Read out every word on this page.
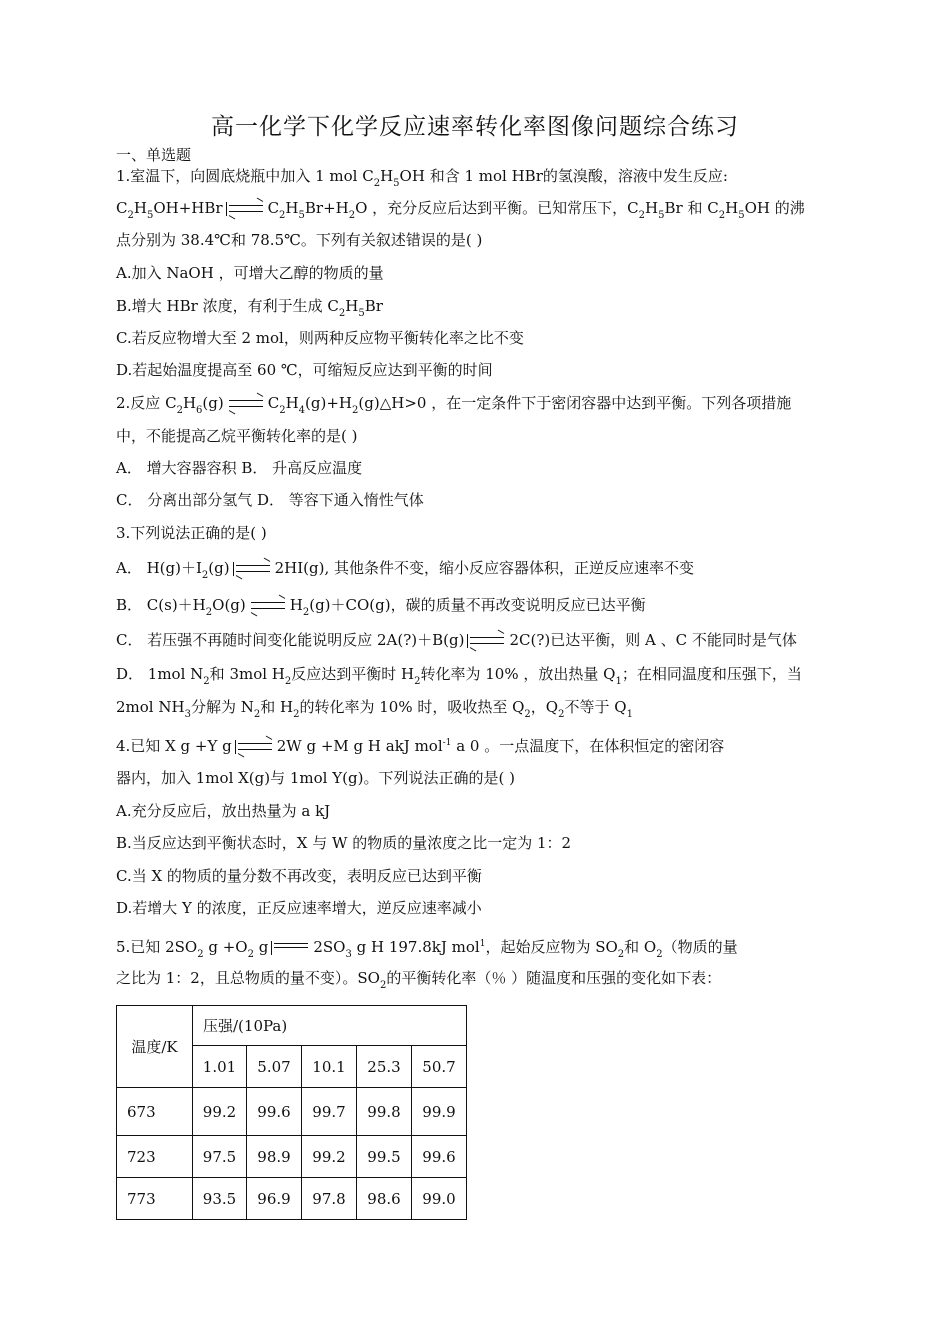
高一化学下化学反应速率转化率图像问题综合练习
一、单选题
1.室温下，向圆底烧瓶中加入 1 mol $C_2H_5OH$ 和含 1 mol HBr的氢溴酸，溶液中发生反应:
$C_2H_5OH+HBr$ ⇌ $C_2H_5Br+H_2O$ ，充分反应后达到平衡。已知常压下，$C_2H_5Br$ 和 $C_2H_5OH$ 的沸
点分别为 38.4℃和 78.5℃。下列有关叙述错误的是( )
A.加入 NaOH ，可增大乙醇的物质的量
B.增大 HBr 浓度，有利于生成 $C_2H_5Br$
C.若反应物增大至 2 mol，则两种反应物平衡转化率之比不变
D.若起始温度提高至 60 ℃，可缩短反应达到平衡的时间
2.反应 $C_2H_6(g)$ ⇌ $C_2H_4(g)+H_2(g)\triangle H>0$ ，在一定条件下于密闭容器中达到平衡。下列各项措施
中，不能提高乙烷平衡转化率的是( )
A． 增大容器容积 B． 升高反应温度
C． 分离出部分氢气 D． 等容下通入惰性气体
3.下列说法正确的是( )
A． $H(g)+I_2(g)$ ⇌ 2HI(g), 其他条件不变，缩小反应容器体积，正逆反应速率不变
B． $C(s)+H_2O(g)$ ⇌ $H_2(g)+CO(g)$，碳的质量不再改变说明反应已达平衡
C． 若压强不再随时间变化能说明反应 2A(?)＋B(g) ⇌ 2C(?)已达平衡，则 A 、C 不能同时是气体
D． 1mol $N_2$和 3mol $H_2$反应达到平衡时 $H_2$转化率为 10% ，放出热量 $Q_1$；在相同温度和压强下，当
2mol $NH_3$分解为 $N_2$和 $H_2$的转化率为 10% 时，吸收热至 $Q_2$，$Q_2$不等于 $Q_1$
4.已知 X g +Y g ⇌ 2W g +M g H akJ mol$^{-1}$ a 0 。一点温度下，在体积恒定的密闭容
器内，加入 1mol X(g)与 1mol Y(g)。下列说法正确的是( )
A.充分反应后，放出热量为 a kJ
B.当反应达到平衡状态时，X 与 W 的物质的量浓度之比一定为 1：2
C.当 X 的物质的量分数不再改变，表明反应已达到平衡
D.若增大 Y 的浓度，正反应速率增大，逆反应速率减小
5.已知 $2SO_2$ $g +O_2$ g	$2SO_3$ g H 197.8kJ mol$^1$，起始反应物为 $SO_2$和 $O_2$（物质的量
之比为 1：2，且总物质的量不变）。$SO_2$的平衡转化率（％ ）随温度和压强的变化如下表：
温度/K	压强/(10Pa)				
	1.01	5.07	10.1	25.3	50.7
673	99.2	99.6	99.7	99.8	99.9
723	97.5	98.9	99.2	99.5	99.6
773	93.5	96.9	97.8	98.6	99.0
